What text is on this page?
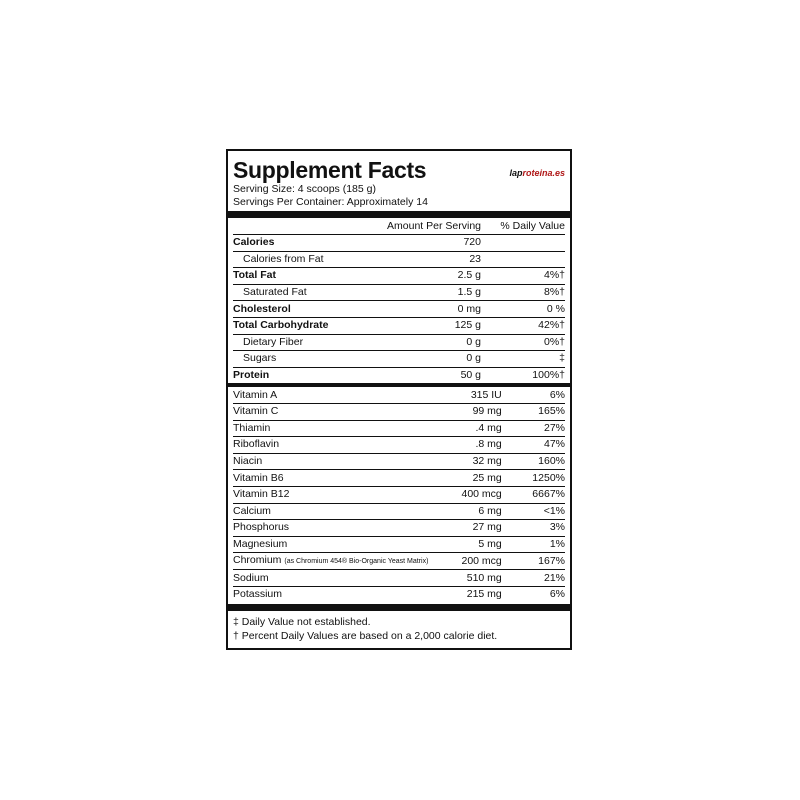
Supplement Facts	laproteina.es
Serving Size: 4 scoops (185 g)
Servings Per Container: Approximately 14
	Amount Per Serving	% Daily Value
Calories	720	
Calories from Fat	23	
Total Fat	2.5 g	4%†
Saturated Fat	1.5 g	8%†
Cholesterol	0 mg	0 %
Total Carbohydrate	125 g	42%†
Dietary Fiber	0 g	0%†
Sugars	0 g	‡
Protein	50 g	100%†
Vitamin A	315 IU	6%
Vitamin C	99 mg	165%
Thiamin	.4 mg	27%
Riboflavin	.8 mg	47%
Niacin	32 mg	160%
Vitamin B6	25 mg	1250%
Vitamin B12	400 mcg	6667%
Calcium	6 mg	<1%
Phosphorus	27 mg	3%
Magnesium	5 mg	1%
Chromium (as Chromium 454® Bio-Organic Yeast Matrix)	200 mcg	167%
Sodium	510 mg	21%
Potassium	215 mg	6%
‡ Daily Value not established.
† Percent Daily Values are based on a 2,000 calorie diet.
